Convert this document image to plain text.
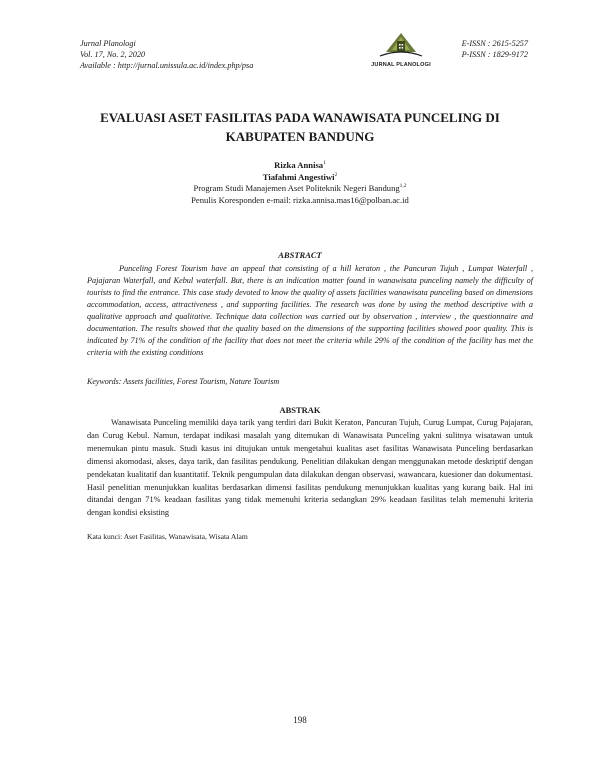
Jurnal Planologi
Vol. 17, No. 2, 2020
Available : http://jurnal.unissula.ac.id/index.php/psa	JURNAL PLANOLOGI
E-ISSN : 2615-5257
P-ISSN : 1829-9172
EVALUASI ASET FASILITAS PADA WANAWISATA PUNCELING DI KABUPATEN BANDUNG
Rizka Annisa$^1$
Tiafahmi Angestiwi$^2$
Program Studi Manajemen Aset Politeknik Negeri Bandung$^{1,2}$
Penulis Koresponden e-mail: rizka.annisa.mas16@polban.ac.id
ABSTRACT

Punceling Forest Tourism have an appeal that consisting of a hill keraton , the Pancuran Tujuh , Lumpat Waterfall , Pajajaran Waterfall, and Kebul waterfall. But, there is an indication matter found in wanawisata punceling namely the difficulty of tourists to find the entrance. This case study devoted to know the quality of assets facilities wanawisata punceling based on dimensions accommodation, access, attractiveness , and supporting facilities. The research was done by using the method descriptive with a qualitative approach and qualitative. Technique data collection was carried out by observation , interview , the questionnaire and documentation. The results showed that the quality based on the dimensions of the supporting facilities showed poor quality. This is indicated by 71% of the condition of the facility that does not meet the criteria while 29% of the condition of the facility has met the criteria with the existing conditions

Keywords: Assets facilities, Forest Tourism, Nature Tourism
ABSTRAK

Wanawisata Punceling memiliki daya tarik yang terdiri dari Bukit Keraton, Pancuran Tujuh, Curug Lumpat, Curug Pajajaran, dan Curug Kebul. Namun, terdapat indikasi masalah yang ditemukan di Wanawisata Punceling yakni sulitnya wisatawan untuk menemukan pintu masuk. Studi kasus ini ditujukan untuk mengetahui kualitas aset fasilitas Wanawisata Punceling berdasarkan dimensi akomodasi, akses, daya tarik, dan fasilitas pendukung. Penelitian dilakukan dengan menggunakan metode deskriptif dengan pendekatan kualitatif dan kuantitatif. Teknik pengumpulan data dilakukan dengan observasi, wawancara, kuesioner dan dokumentasi. Hasil penelitian menunjukkan kualitas berdasarkan dimensi fasilitas pendukung menunjukkan kualitas yang kurang baik. Hal ini ditandai dengan 71% keadaan fasilitas yang tidak memenuhi kriteria sedangkan 29% keadaan fasilitas telah memenuhi kriteria dengan kondisi eksisting

Kata kunci: Aset Fasilitas, Wanawisata, Wisata Alam
198
